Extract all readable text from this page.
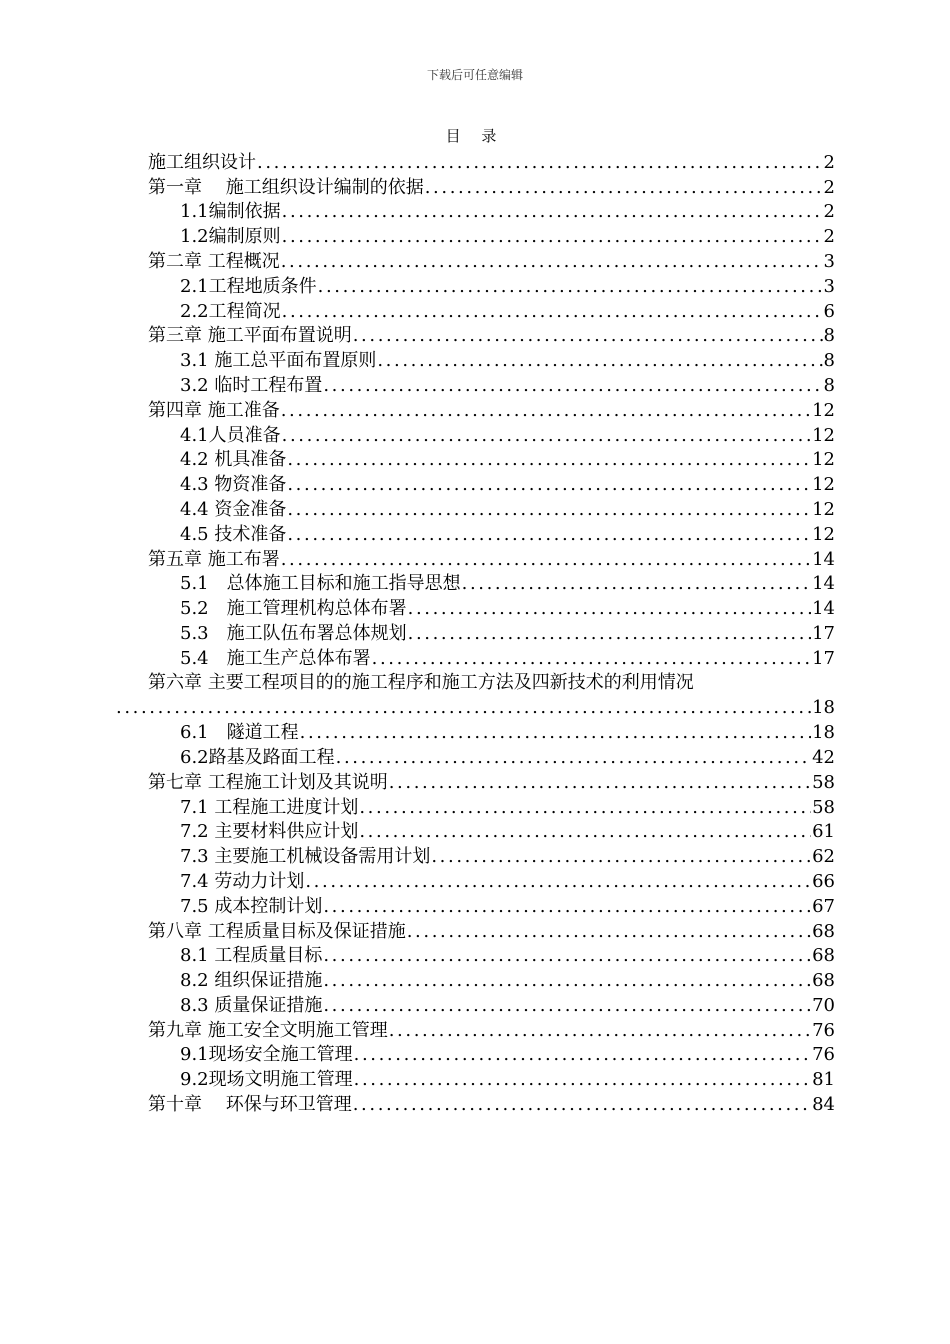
下载后可任意编辑
目 录
施工组织设计 .....	2
第一章　 施工组织设计编制的依据 .....	2
1.1编制依据 .....	2
1.2编制原则 .....	2
第二章 工程概况 .....	3
2.1工程地质条件 .....	3
2.2工程简况 .....	6
第三章 施工平面布置说明 .....	8
3.1 施工总平面布置原则 .....	8
3.2 临时工程布置 .....	8
第四章 施工准备 .....	12
4.1人员准备 .....	12
4.2 机具准备 .....	12
4.3 物资准备 .....	12
4.4 资金准备 .....	12
4.5 技术准备 .....	12
第五章 施工布署 .....	14
5.1　总体施工目标和施工指导思想 .....	14
5.2　施工管理机构总体布署 .....	14
5.3　施工队伍布署总体规划 .....	17
5.4　施工生产总体布署 .....	17
第六章 主要工程项目的的施工程序和施工方法及四新技术的利用情况
.....
18
6.1　隧道工程 .....	18
6.2路基及路面工程 .....	42
第七章 工程施工计划及其说明 .....	58
7.1 工程施工进度计划 .....	58
7.2 主要材料供应计划 .....	61
7.3 主要施工机械设备需用计划 .....	62
7.4 劳动力计划 .....	66
7.5 成本控制计划 .....	67
第八章 工程质量目标及保证措施 .....	68
8.1 工程质量目标 .....	68
8.2 组织保证措施 .....	68
8.3 质量保证措施 .....	70
第九章 施工安全文明施工管理 .....	76
9.1现场安全施工管理 .....	76
9.2现场文明施工管理 .....	81
第十章　 环保与环卫管理 .....	84
